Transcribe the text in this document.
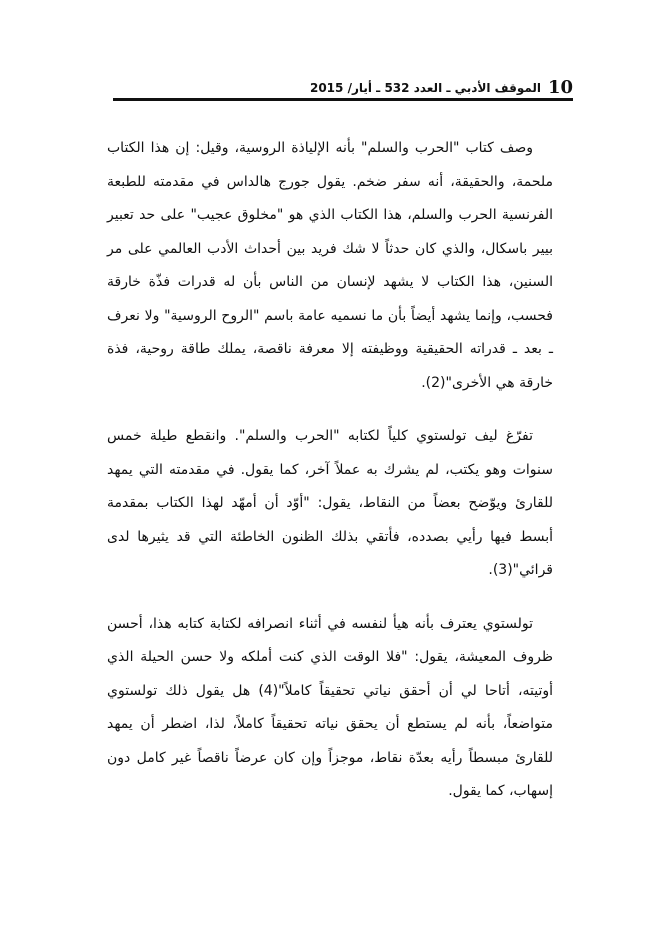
10
الموقف الأدبي ـ العدد 532 ـ أيار/ 2015

وصف كتاب "الحرب والسلم" بأنه الإلياذة الروسية، وقيل: إن هذا الكتاب ملحمة، والحقيقة، أنه سفر ضخم. يقول جورج هالداس في مقدمته للطبعة الفرنسية الحرب والسلم، هذا الكتاب الذي هو "مخلوق عجيب" على حد تعبير بيير باسكال، والذي كان حدثاً لا شك فريد بين أحداث الأدب العالمي على مر السنين، هذا الكتاب لا يشهد لإنسان من الناس بأن له قدرات فذّة خارقة فحسب، وإنما يشهد أيضاً بأن ما نسميه عامة باسم "الروح الروسية" ولا نعرف ـ بعد ـ قدراته الحقيقية ووظيفته إلا معرفة ناقصة، يملك طاقة روحية، فذة خارقة هي الأخرى"(2).

تفرّغ ليف تولستوي كلياً لكتابه "الحرب والسلم". وانقطع طيلة خمس سنوات وهو يكتب، لم يشرك به عملاً آخر، كما يقول. في مقدمته التي يمهد للقارئ ويوّضح بعضاً من النقاط، يقول: "أوّد أن أمهّد لهذا الكتاب بمقدمة أبسط فيها رأيي بصدده، فأتقي بذلك الظنون الخاطئة التي قد يثيرها لدى قرائي"(3).

تولستوي يعترف بأنه هيأ لنفسه في أثناء انصرافه لكتابة كتابه هذا، أحسن ظروف المعيشة، يقول: "فلا الوقت الذي كنت أملكه ولا حسن الحيلة الذي أوتيته، أتاحا لي أن أحقق نياتي تحقيقاً كاملاً"(4) هل يقول ذلك تولستوي متواضعاً، بأنه لم يستطع أن يحقق نياته تحقيقاً كاملاً، لذا، اضطر أن يمهد للقارئ مبسطاً رأيه بعدّة نقاط، موجزاً وإن كان عرضاً ناقصاً غير كامل دون إسهاب، كما يقول.
